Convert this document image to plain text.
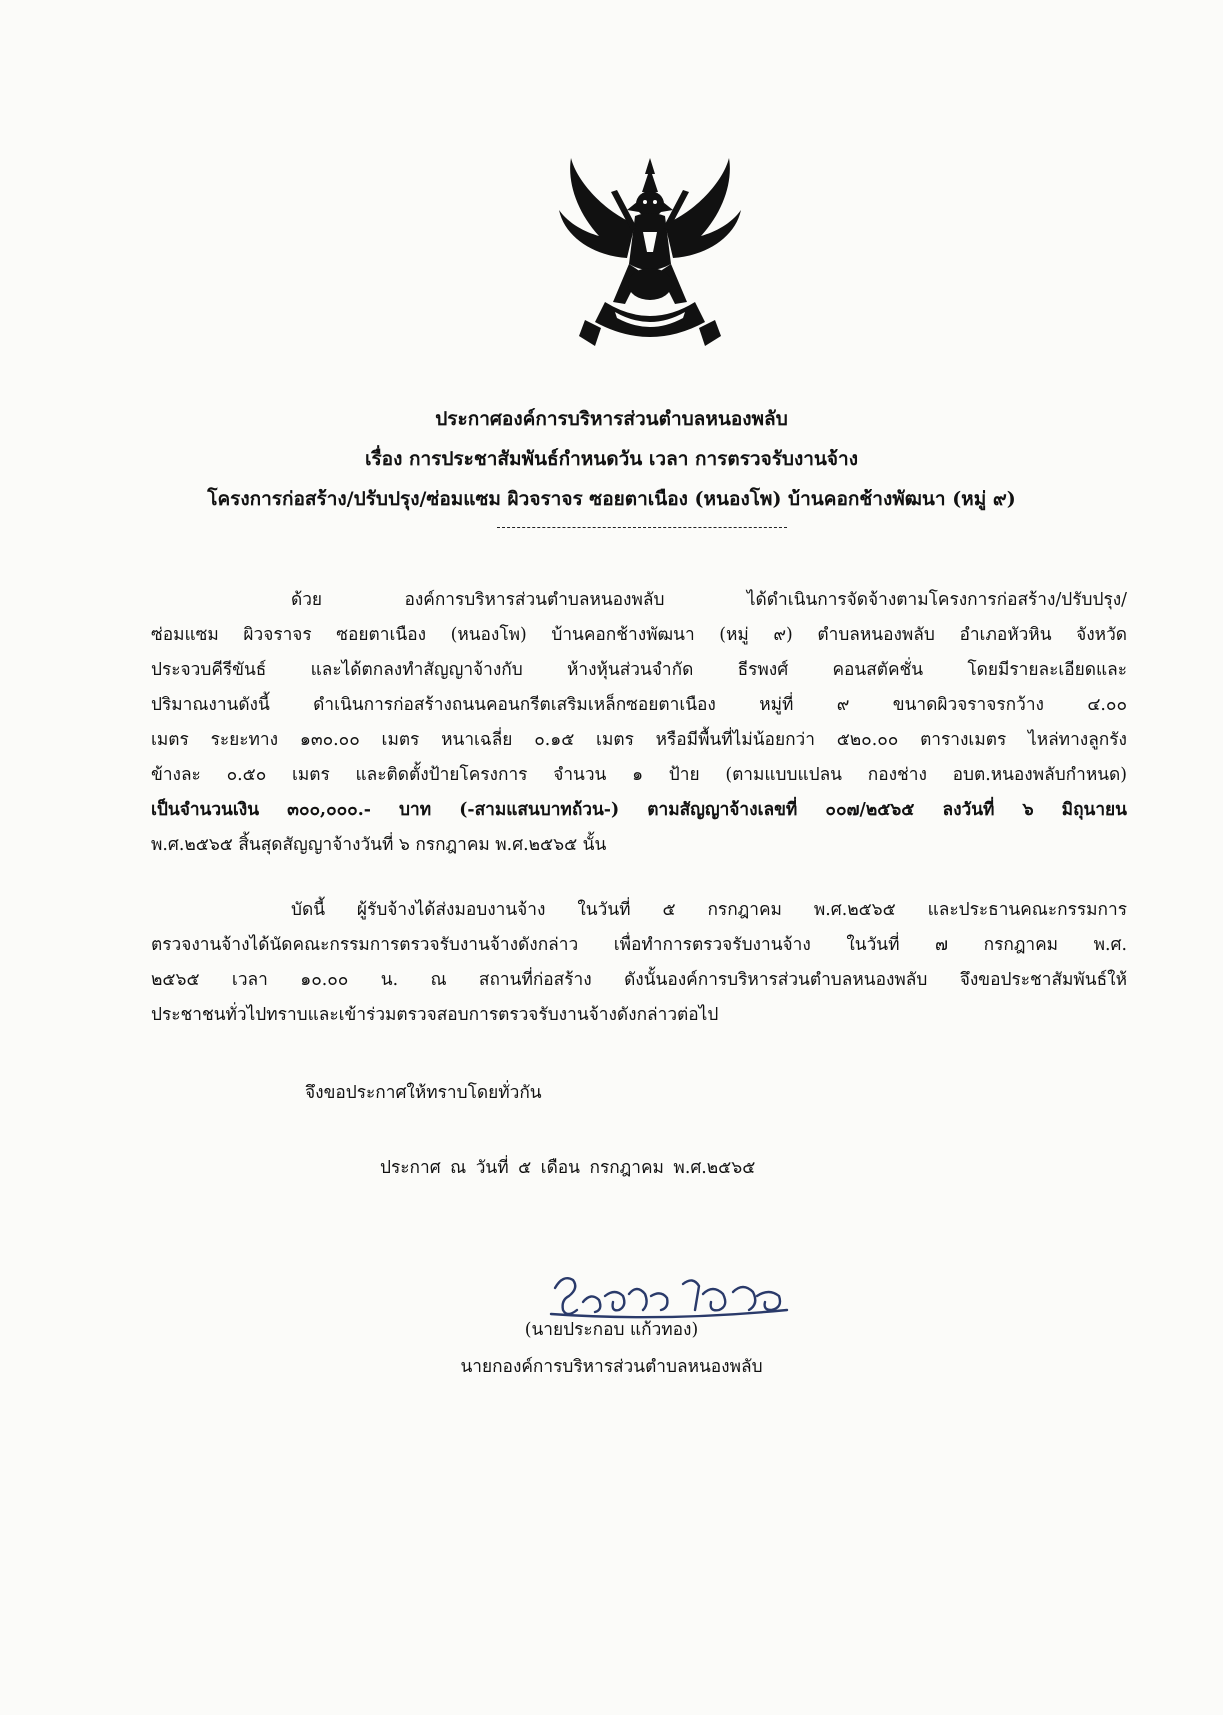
ประกาศองค์การบริหารส่วนตำบลหนองพลับ
เรื่อง การประชาสัมพันธ์กำหนดวัน เวลา การตรวจรับงานจ้าง
โครงการก่อสร้าง/ปรับปรุง/ซ่อมแซม ผิวจราจร ซอยตาเนือง (หนองโพ) บ้านคอกช้างพัฒนา (หมู่ ๙)
ด้วย องค์การบริหารส่วนตำบลหนองพลับ ได้ดำเนินการจัดจ้างตามโครงการก่อสร้าง/ปรับปรุง/
ซ่อมแซม ผิวจราจร ซอยตาเนือง (หนองโพ) บ้านคอกช้างพัฒนา (หมู่ ๙) ตำบลหนองพลับ อำเภอหัวหิน จังหวัด
ประจวบคีรีขันธ์ และได้ตกลงทำสัญญาจ้างกับ ห้างหุ้นส่วนจำกัด ธีรพงศ์ คอนสตัคชั่น โดยมีรายละเอียดและ
ปริมาณงานดังนี้ ดำเนินการก่อสร้างถนนคอนกรีตเสริมเหล็กซอยตาเนือง หมู่ที่ ๙ ขนาดผิวจราจรกว้าง ๔.๐๐
เมตร ระยะทาง ๑๓๐.๐๐ เมตร หนาเฉลี่ย ๐.๑๕ เมตร หรือมีพื้นที่ไม่น้อยกว่า ๕๒๐.๐๐ ตารางเมตร ไหล่ทางลูกรัง
ข้างละ ๐.๕๐ เมตร และติดตั้งป้ายโครงการ จำนวน ๑ ป้าย (ตามแบบแปลน กองช่าง อบต.หนองพลับกำหนด)
เป็นจำนวนเงิน ๓๐๐,๐๐๐.- บาท (-สามแสนบาทถ้วน-) ตามสัญญาจ้างเลขที่ ๐๐๗/๒๕๖๕ ลงวันที่ ๖ มิถุนายน
พ.ศ.๒๕๖๕ สิ้นสุดสัญญาจ้างวันที่ ๖ กรกฎาคม พ.ศ.๒๕๖๕ นั้น
บัดนี้ ผู้รับจ้างได้ส่งมอบงานจ้าง ในวันที่ ๕ กรกฎาคม พ.ศ.๒๕๖๕ และประธานคณะกรรมการ
ตรวจงานจ้างได้นัดคณะกรรมการตรวจรับงานจ้างดังกล่าว เพื่อทำการตรวจรับงานจ้าง ในวันที่ ๗ กรกฎาคม พ.ศ.
๒๕๖๕ เวลา ๑๐.๐๐ น. ณ สถานที่ก่อสร้าง ดังนั้นองค์การบริหารส่วนตำบลหนองพลับ จึงขอประชาสัมพันธ์ให้
ประชาชนทั่วไปทราบและเข้าร่วมตรวจสอบการตรวจรับงานจ้างดังกล่าวต่อไป
จึงขอประกาศให้ทราบโดยทั่วกัน
ประกาศ ณ วันที่ ๕ เดือน กรกฎาคม พ.ศ.๒๕๖๕
(นายประกอบ แก้วทอง)
นายกองค์การบริหารส่วนตำบลหนองพลับ
